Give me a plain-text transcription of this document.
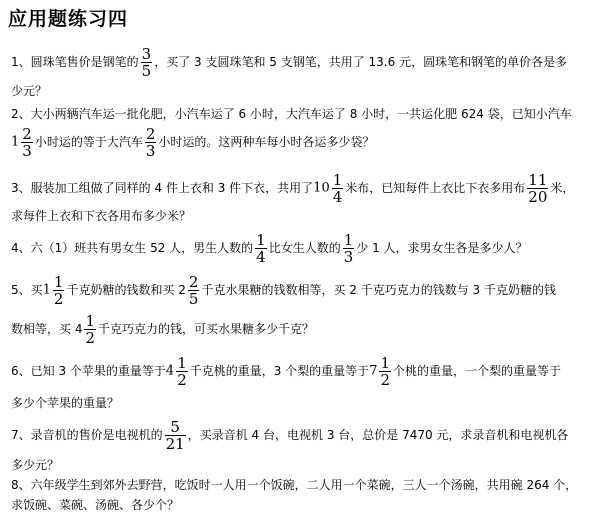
应用题练习四
1、圆珠笔售价是钢笔的 $\frac{3}{5}$ ，买了 3 支圆珠笔和 5 支钢笔，共用了 13.6 元，圆珠笔和钢笔的单价各是多
少元？
2、大小两辆汽车运一批化肥，小汽车运了 6 小时，大汽车运了 8 小时，一共运化肥 624 袋，已知小汽车
$1 \frac{2}{3}$ 小时运的等于大汽车 $\frac{2}{3}$ 小时运的。这两种车每小时各运多少袋？
3、服装加工组做了同样的 4 件上衣和 3 件下衣，共用了$10 \frac{1}{4}$ 米布，已知每件上衣比下衣多用布 $\frac{11}{20}$ 米，
求每件上衣和下衣各用布多少米？
4、六（1）班共有男女生 52 人，男生人数的 $\frac{1}{4}$ 比女生人数的 $\frac{1}{3}$ 少 1 人，求男女生各是多少人？
5、买$1 \frac{1}{2}$ 千克奶糖的钱数和买 $2 \frac{2}{5}$ 千克水果糖的钱数相等，买 2 千克巧克力的钱数与 3 千克奶糖的钱
数相等，买 $4 \frac{1}{2}$ 千克巧克力的钱，可买水果糖多少千克？
6、已知 3 个苹果的重量等于$4 \frac{1}{2}$ 千克桃的重量，3 个梨的重量等于$7 \frac{1}{2}$ 个桃的重量，一个梨的重量等于
多少个苹果的重量？
7、录音机的售价是电视机的 $\frac{5}{21}$ ，买录音机 4 台，电视机 3 台，总价是 7470 元，求录音机和电视机各
多少元？
8、六年级学生到郊外去野营，吃饭时一人用一个饭碗，二人用一个菜碗，三人一个汤碗，共用碗 264 个，
求饭碗、菜碗、汤碗、各少个？
